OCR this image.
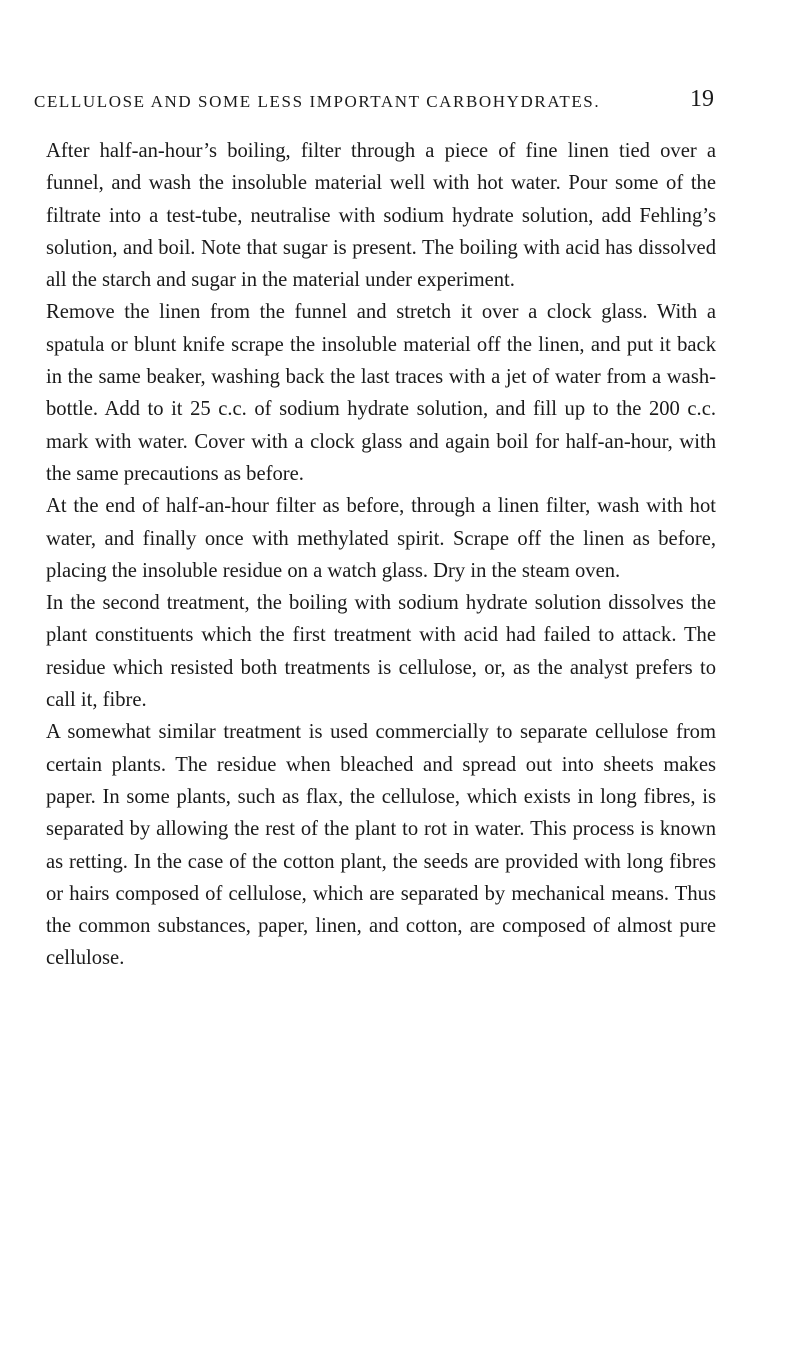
CELLULOSE AND SOME LESS IMPORTANT CARBOHYDRATES.	19

After half-an-hour’s boiling, filter through a piece of fine linen tied over a funnel, and wash the insoluble material well with hot water. Pour some of the filtrate into a test-tube, neutralise with sodium hydrate solution, add Fehling’s solution, and boil. Note that sugar is present. The boiling with acid has dissolved all the starch and sugar in the material under experiment.

Remove the linen from the funnel and stretch it over a clock glass. With a spatula or blunt knife scrape the insoluble material off the linen, and put it back in the same beaker, washing back the last traces with a jet of water from a wash-bottle. Add to it 25 c.c. of sodium hydrate solution, and fill up to the 200 c.c. mark with water. Cover with a clock glass and again boil for half-an-hour, with the same precautions as before.

At the end of half-an-hour filter as before, through a linen filter, wash with hot water, and finally once with methylated spirit. Scrape off the linen as before, placing the insoluble residue on a watch glass. Dry in the steam oven.

In the second treatment, the boiling with sodium hydrate solution dissolves the plant constituents which the first treatment with acid had failed to attack. The residue which resisted both treatments is cellulose, or, as the analyst prefers to call it, fibre.

A somewhat similar treatment is used commercially to separate cellulose from certain plants. The residue when bleached and spread out into sheets makes paper. In some plants, such as flax, the cellulose, which exists in long fibres, is separated by allowing the rest of the plant to rot in water. This process is known as retting. In the case of the cotton plant, the seeds are provided with long fibres or hairs composed of cellulose, which are separated by mechanical means. Thus the common substances, paper, linen, and cotton, are composed of almost pure cellulose.
